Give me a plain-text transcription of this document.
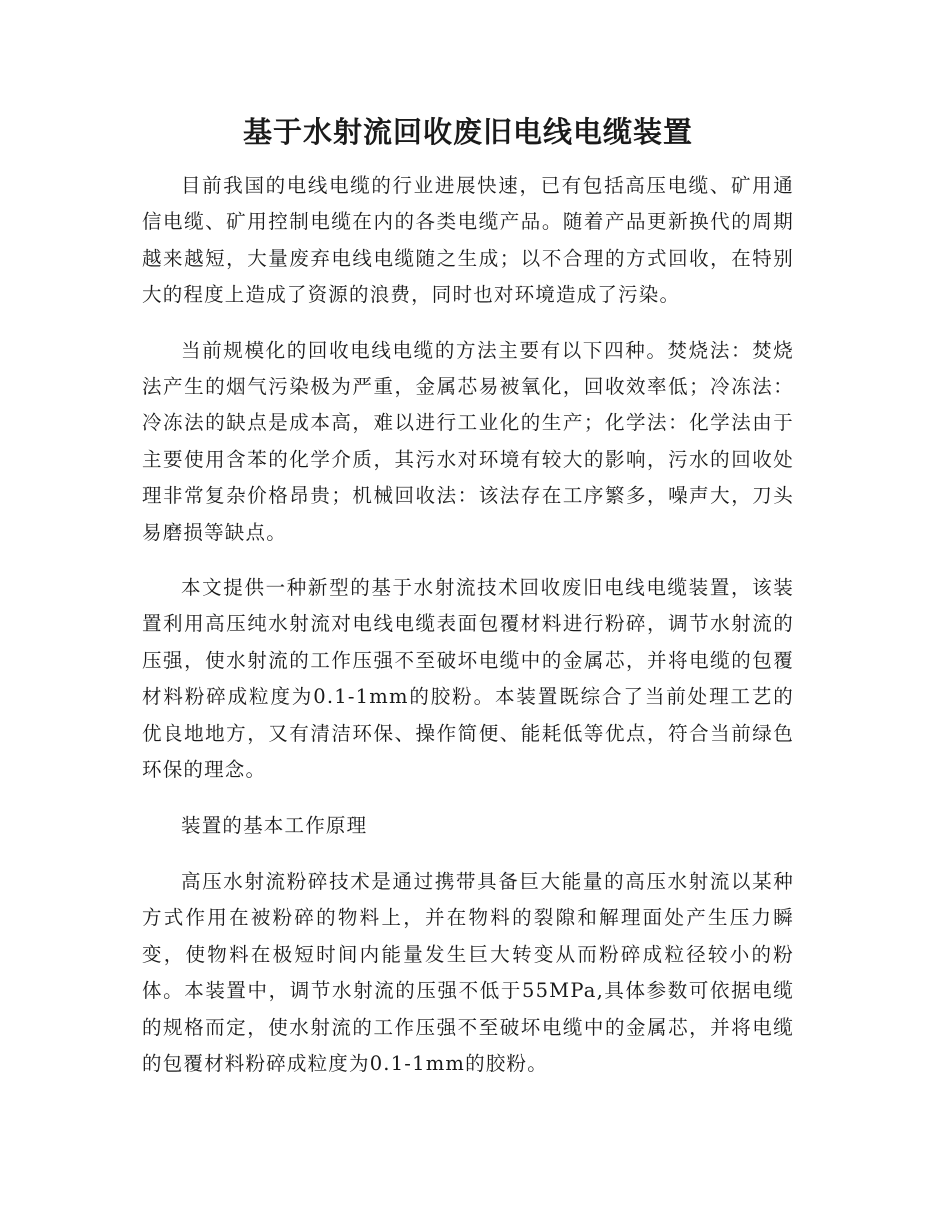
基于水射流回收废旧电线电缆装置

目前我国的电线电缆的行业进展快速，已有包括高压电缆、矿用通信电缆、矿用控制电缆在内的各类电缆产品。随着产品更新换代的周期越来越短，大量废弃电线电缆随之生成；以不合理的方式回收，在特别大的程度上造成了资源的浪费，同时也对环境造成了污染。

当前规模化的回收电线电缆的方法主要有以下四种。焚烧法：焚烧法产生的烟气污染极为严重，金属芯易被氧化，回收效率低；冷冻法：冷冻法的缺点是成本高，难以进行工业化的生产；化学法：化学法由于主要使用含苯的化学介质，其污水对环境有较大的影响，污水的回收处理非常复杂价格昂贵；机械回收法：该法存在工序繁多，噪声大，刀头易磨损等缺点。

本文提供一种新型的基于水射流技术回收废旧电线电缆装置，该装置利用高压纯水射流对电线电缆表面包覆材料进行粉碎，调节水射流的压强，使水射流的工作压强不至破坏电缆中的金属芯，并将电缆的包覆材料粉碎成粒度为0.1-1mm的胶粉。本装置既综合了当前处理工艺的优良地地方，又有清洁环保、操作简便、能耗低等优点，符合当前绿色环保的理念。

装置的基本工作原理

高压水射流粉碎技术是通过携带具备巨大能量的高压水射流以某种方式作用在被粉碎的物料上，并在物料的裂隙和解理面处产生压力瞬变，使物料在极短时间内能量发生巨大转变从而粉碎成粒径较小的粉体。本装置中，调节水射流的压强不低于55MPa,具体参数可依据电缆的规格而定，使水射流的工作压强不至破坏电缆中的金属芯，并将电缆的包覆材料粉碎成粒度为0.1-1mm的胶粉。
